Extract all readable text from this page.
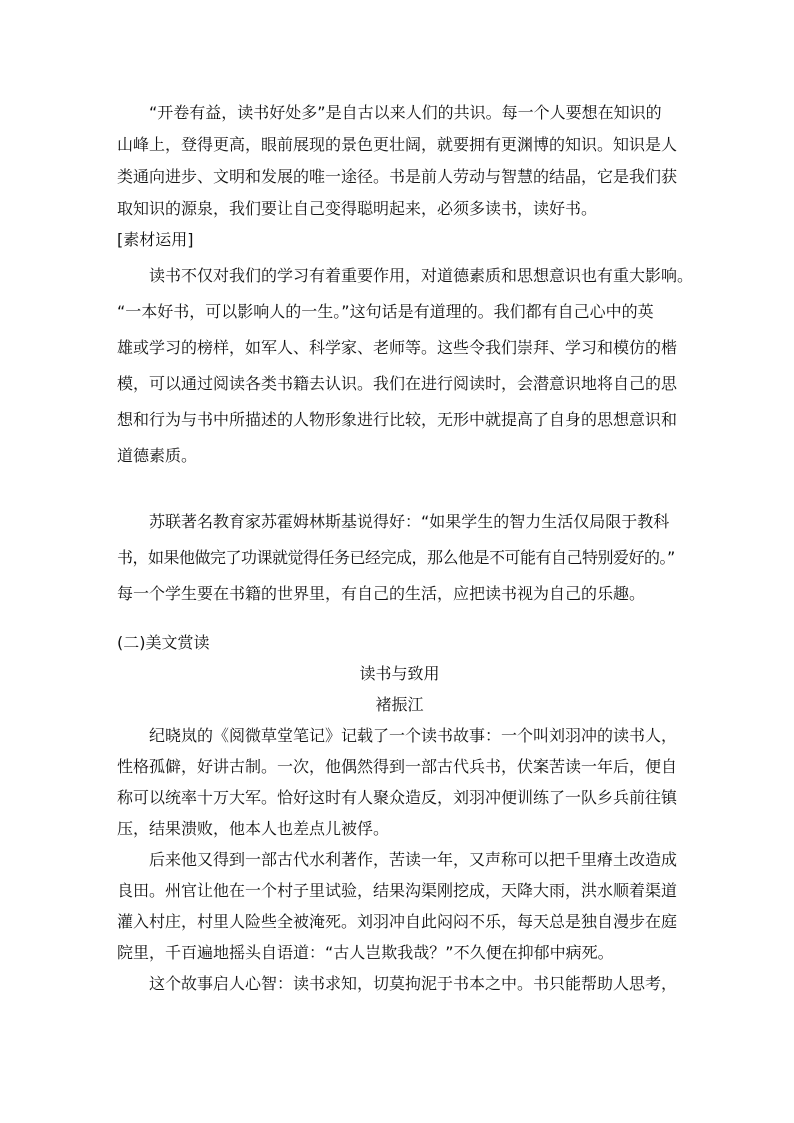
“开卷有益，读书好处多”是自古以来人们的共识。每一个人要想在知识的
山峰上，登得更高，眼前展现的景色更壮阔，就要拥有更渊博的知识。知识是人
类通向进步、文明和发展的唯一途径。书是前人劳动与智慧的结晶，它是我们获
取知识的源泉，我们要让自己变得聪明起来，必须多读书，读好书。
[素材运用]
读书不仅对我们的学习有着重要作用，对道德素质和思想意识也有重大影响。
“一本好书，可以影响人的一生。”这句话是有道理的。我们都有自己心中的英
雄或学习的榜样，如军人、科学家、老师等。这些令我们崇拜、学习和模仿的楷
模，可以通过阅读各类书籍去认识。我们在进行阅读时，会潜意识地将自己的思
想和行为与书中所描述的人物形象进行比较，无形中就提高了自身的思想意识和
道德素质。
苏联著名教育家苏霍姆林斯基说得好：“如果学生的智力生活仅局限于教科
书，如果他做完了功课就觉得任务已经完成，那么他是不可能有自己特别爱好的。”
每一个学生要在书籍的世界里，有自己的生活，应把读书视为自己的乐趣。
(二)美文赏读
读书与致用
褚振江
纪晓岚的《阅微草堂笔记》记载了一个读书故事：一个叫刘羽冲的读书人，
性格孤僻，好讲古制。一次，他偶然得到一部古代兵书，伏案苦读一年后，便自
称可以统率十万大军。恰好这时有人聚众造反，刘羽冲便训练了一队乡兵前往镇
压，结果溃败，他本人也差点儿被俘。
后来他又得到一部古代水利著作，苦读一年，又声称可以把千里瘠土改造成
良田。州官让他在一个村子里试验，结果沟渠刚挖成，天降大雨，洪水顺着渠道
灌入村庄，村里人险些全被淹死。刘羽冲自此闷闷不乐，每天总是独自漫步在庭
院里，千百遍地摇头自语道：“古人岂欺我哉？”不久便在抑郁中病死。
这个故事启人心智：读书求知，切莫拘泥于书本之中。书只能帮助人思考，
